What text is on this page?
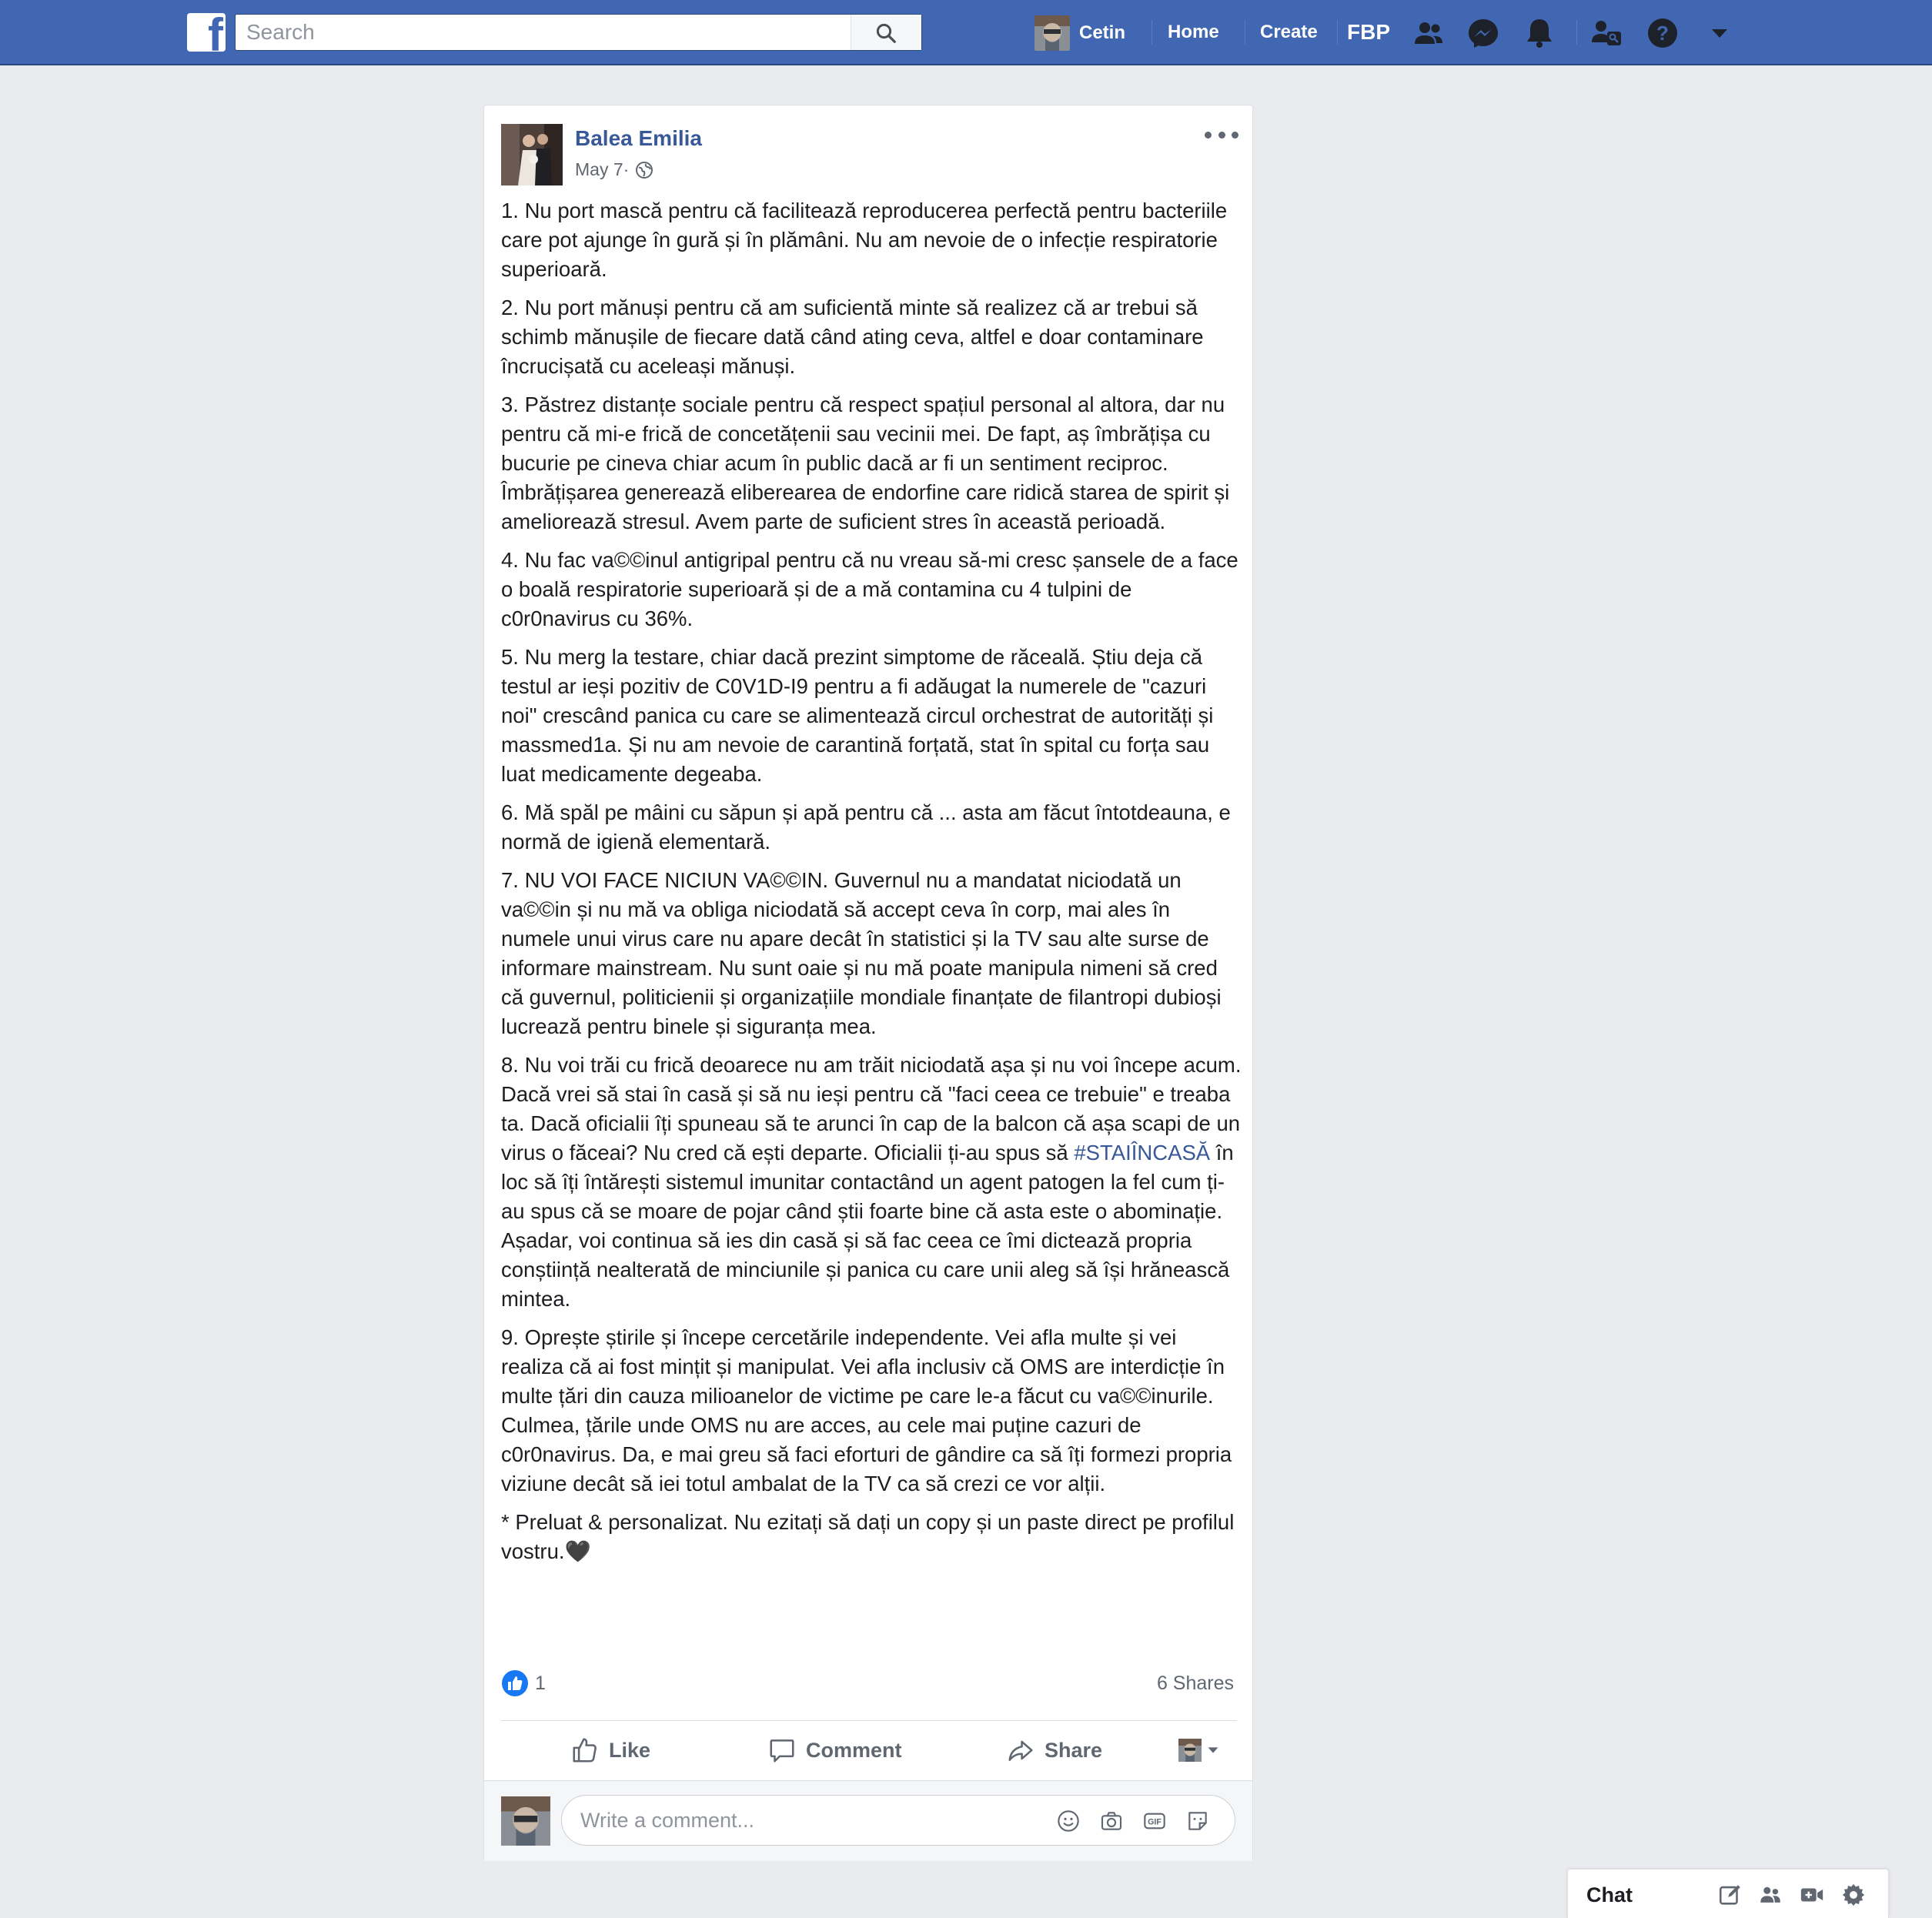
f
Search	Cetin Home Create FBP	?
Balea Emilia
May 7 ·

1. Nu port mască pentru că facilitează reproducerea perfectă pentru bacteriile care pot ajunge în gură și în plămâni. Nu am nevoie de o infecție respiratorie superioară.

2. Nu port mănuși pentru că am suficientă minte să realizez că ar trebui să schimb mănușile de fiecare dată când ating ceva, altfel e doar contaminare încrucișată cu aceleași mănuși.

3. Păstrez distanțe sociale pentru că respect spațiul personal al altora, dar nu pentru că mi-e frică de concetățenii sau vecinii mei. De fapt, aș îmbrățișa cu bucurie pe cineva chiar acum în public dacă ar fi un sentiment reciproc. Îmbrățișarea generează eliberearea de endorfine care ridică starea de spirit și ameliorează stresul. Avem parte de suficient stres în această perioadă.

4. Nu fac va©©inul antigripal pentru că nu vreau să-mi cresc șansele de a face o boală respiratorie superioară și de a mă contamina cu 4 tulpini de c0r0navirus cu 36%.

5. Nu merg la testare, chiar dacă prezint simptome de răceală. Știu deja că testul ar ieși pozitiv de C0V1D-I9 pentru a fi adăugat la numerele de "cazuri noi" crescând panica cu care se alimentează circul orchestrat de autorități și massmed1a. Și nu am nevoie de carantină forțată, stat în spital cu forța sau luat medicamente degeaba.

6. Mă spăl pe mâini cu săpun și apă pentru că ... asta am făcut întotdeauna, e normă de igienă elementară.

7. NU VOI FACE NICIUN VA©©IN. Guvernul nu a mandatat niciodată un va©©in și nu mă va obliga niciodată să accept ceva în corp, mai ales în numele unui virus care nu apare decât în statistici și la TV sau alte surse de informare mainstream. Nu sunt oaie și nu mă poate manipula nimeni să cred că guvernul, politicienii și organizațiile mondiale finanțate de filantropi dubioși lucrează pentru binele și siguranța mea.

8. Nu voi trăi cu frică deoarece nu am trăit niciodată așa și nu voi începe acum. Dacă vrei să stai în casă și să nu ieși pentru că "faci ceea ce trebuie" e treaba ta. Dacă oficialii îți spuneau să te arunci în cap de la balcon că așa scapi de un virus o făceai? Nu cred că ești departe. Oficialii ți-au spus să #STAIÎNCASĂ în loc să îți întărești sistemul imunitar contactând un agent patogen la fel cum ți-au spus că se moare de pojar când știi foarte bine că asta este o abominație.

Așadar, voi continua să ies din casă și să fac ceea ce îmi dictează propria conștiință nealterată de minciunile și panica cu care unii aleg să își hrănească mintea.

9. Oprește știrile și începe cercetările independente. Vei afla multe și vei realiza că ai fost mințit și manipulat. Vei afla inclusiv că OMS are interdicție în multe țări din cauza milioanelor de victime pe care le-a făcut cu va©©inurile. Culmea, țările unde OMS nu are acces, au cele mai puține cazuri de c0r0navirus. Da, e mai greu să faci eforturi de gândire ca să îți formezi propria viziune decât să iei totul ambalat de la TV ca să crezi ce vor alții.

* Preluat & personalizat. Nu ezitați să dați un copy și un paste direct pe profilul vostru.🖤

1	6 Shares
Like	Comment	Share
Write a comment...
GIF
Chat
